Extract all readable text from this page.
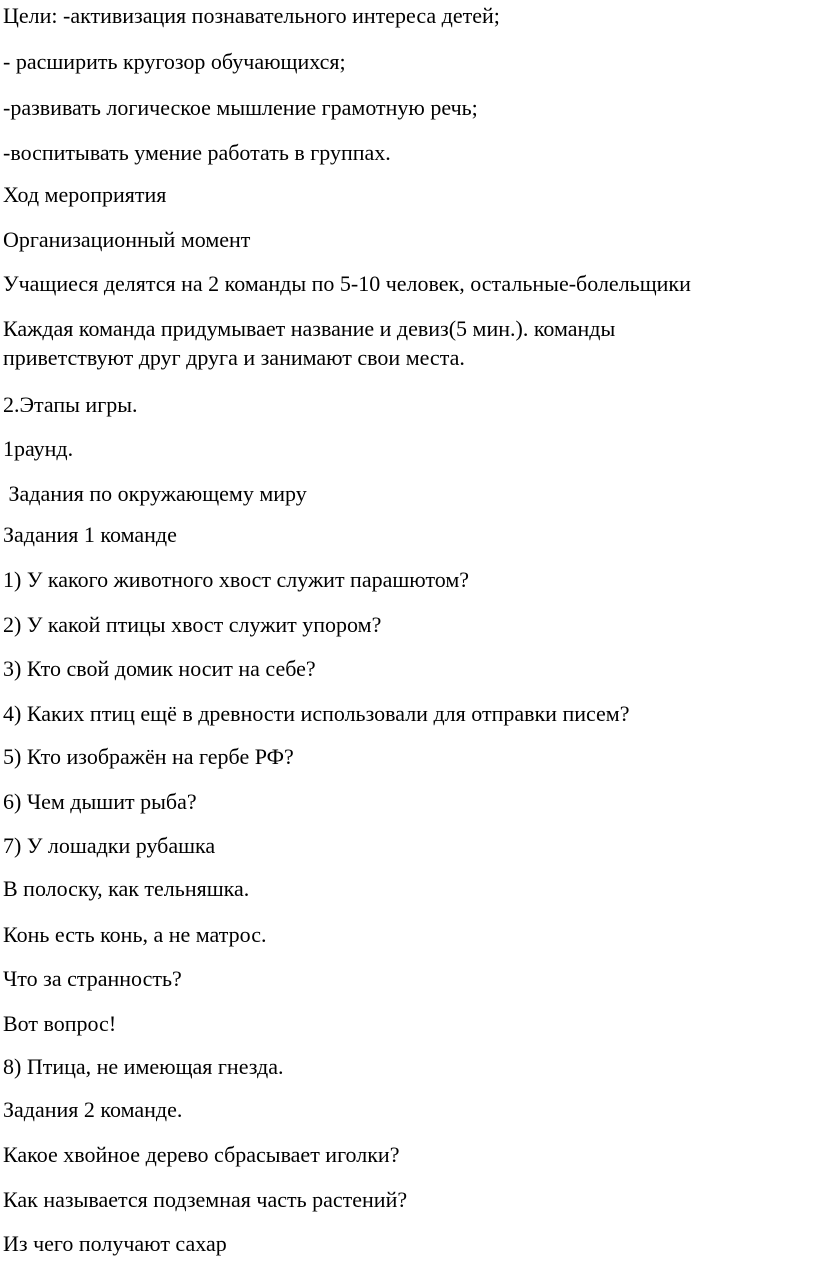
Цели: -активизация познавательного интереса детей;
- расширить кругозор обучающихся;
-развивать логическое мышление грамотную речь;
-воспитывать умение работать в группах.
Ход мероприятия
Организационный момент
Учащиеся делятся на 2 команды по 5-10 человек, остальные-болельщики
Каждая команда придумывает название и девиз(5 мин.). команды
приветствуют друг друга и занимают свои места.
2.Этапы игры.
1раунд.
Задания по окружающему миру
Задания 1 команде
1) У какого животного хвост служит парашютом?
2) У какой птицы хвост служит упором?
3) Кто свой домик носит на себе?
4) Каких птиц ещё в древности использовали для отправки писем?
5) Кто изображён на гербе РФ?
6) Чем дышит рыба?
7) У лошадки рубашка
В полоску, как тельняшка.
Конь есть конь, а не матрос.
Что за странность?
Вот вопрос!
8) Птица, не имеющая гнезда.
Задания 2 команде.
Какое хвойное дерево сбрасывает иголки?
Как называется подземная часть растений?
Из чего получают сахар
